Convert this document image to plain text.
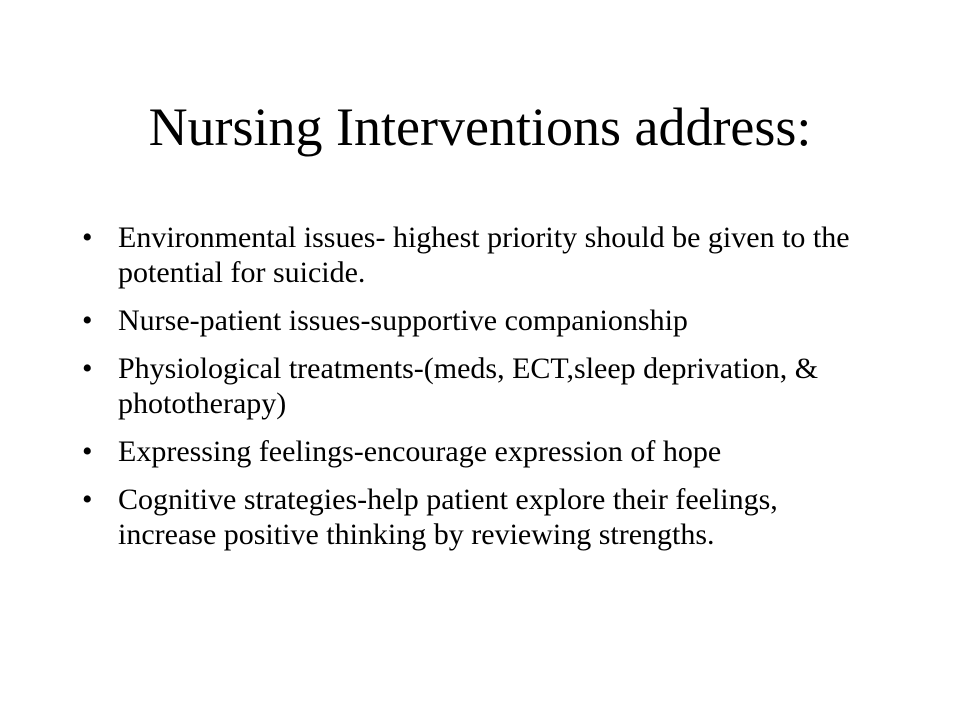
Nursing Interventions address:
• Environmental issues- highest priority should be given to the potential for suicide.
• Nurse-patient issues-supportive companionship
• Physiological treatments-(meds, ECT,sleep deprivation, & phototherapy)
• Expressing feelings-encourage expression of hope
• Cognitive strategies-help patient explore their feelings, increase positive thinking by reviewing strengths.
